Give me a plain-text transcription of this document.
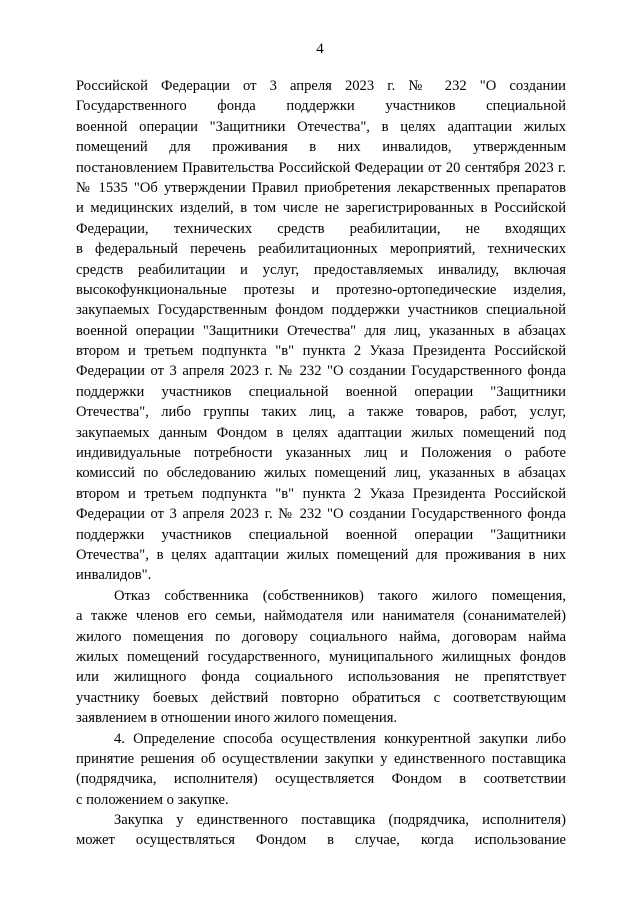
4
Российской Федерации от 3 апреля 2023 г. № 232 "О создании
Государственного фонда поддержки участников специальной
военной операции "Защитники Отечества", в целях адаптации жилых
помещений для проживания в них инвалидов, утвержденным
постановлением Правительства Российской Федерации от 20 сентября 2023 г.
№ 1535 "Об утверждении Правил приобретения лекарственных препаратов
и медицинских изделий, в том числе не зарегистрированных в Российской
Федерации, технических средств реабилитации, не входящих
в федеральный перечень реабилитационных мероприятий, технических
средств реабилитации и услуг, предоставляемых инвалиду, включая
высокофункциональные протезы и протезно-ортопедические изделия,
закупаемых Государственным фондом поддержки участников специальной
военной операции "Защитники Отечества" для лиц, указанных в абзацах
втором и третьем подпункта "в" пункта 2 Указа Президента Российской
Федерации от 3 апреля 2023 г. № 232 "О создании Государственного фонда
поддержки участников специальной военной операции "Защитники
Отечества", либо группы таких лиц, а также товаров, работ, услуг,
закупаемых данным Фондом в целях адаптации жилых помещений под
индивидуальные потребности указанных лиц и Положения о работе
комиссий по обследованию жилых помещений лиц, указанных в абзацах
втором и третьем подпункта "в" пункта 2 Указа Президента Российской
Федерации от 3 апреля 2023 г. № 232 "О создании Государственного фонда
поддержки участников специальной военной операции "Защитники
Отечества", в целях адаптации жилых помещений для проживания в них
инвалидов".
Отказ собственника (собственников) такого жилого помещения,
а также членов его семьи, наймодателя или нанимателя (сонанимателей)
жилого помещения по договору социального найма, договорам найма
жилых помещений государственного, муниципального жилищных фондов
или жилищного фонда социального использования не препятствует
участнику боевых действий повторно обратиться с соответствующим
заявлением в отношении иного жилого помещения.
4. Определение способа осуществления конкурентной закупки либо
принятие решения об осуществлении закупки у единственного поставщика
(подрядчика, исполнителя) осуществляется Фондом в соответствии
с положением о закупке.
Закупка у единственного поставщика (подрядчика, исполнителя)
может осуществляться Фондом в случае, когда использование
